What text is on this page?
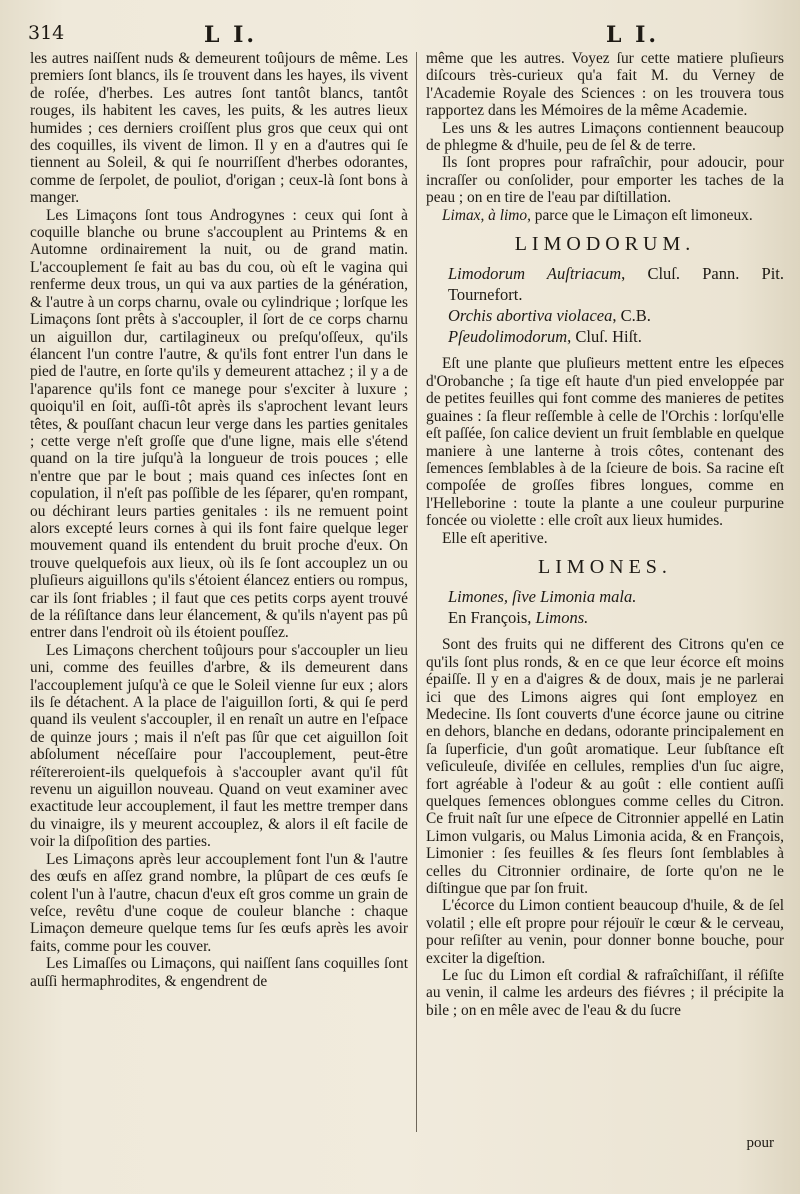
314	L I.	L I.

les autres naiſſent nuds & demeurent toûjours de même. Les premiers ſont blancs, ils ſe trouvent dans les hayes, ils vivent de roſée, d'herbes. Les autres ſont tantôt blancs, tantôt rouges, ils habitent les caves, les puits, & les autres lieux humides ; ces derniers croiſſent plus gros que ceux qui ont des coquilles, ils vivent de limon. Il y en a d'autres qui ſe tiennent au Soleil, & qui ſe nourriſſent d'herbes odorantes, comme de ſerpolet, de pouliot, d'origan ; ceux-là ſont bons à manger.

Les Limaçons ſont tous Androgynes : ceux qui ſont à coquille blanche ou brune s'accouplent au Printems & en Automne ordinairement la nuit, ou de grand matin. L'accouplement ſe fait au bas du cou, où eſt le vagina qui renferme deux trous, un qui va aux parties de la génération, & l'autre à un corps charnu, ovale ou cylindrique ; lorſque les Limaçons ſont prêts à s'accoupler, il ſort de ce corps charnu un aiguillon dur, cartilagineux ou preſqu'oſſeux, qu'ils élancent l'un contre l'autre, & qu'ils font entrer l'un dans le pied de l'autre, en ſorte qu'ils y demeurent attachez ; il y a de l'aparence qu'ils font ce manege pour s'exciter à luxure ; quoiqu'il en ſoit, auſſi-tôt après ils s'aprochent levant leurs têtes, & pouſſant chacun leur verge dans les parties genitales ; cette verge n'eſt groſſe que d'une ligne, mais elle s'étend quand on la tire juſqu'à la longueur de trois pouces ; elle n'entre que par le bout ; mais quand ces inſectes ſont en copulation, il n'eſt pas poſſible de les ſéparer, qu'en rompant, ou déchirant leurs parties genitales : ils ne remuent point alors excepté leurs cornes à qui ils font faire quelque leger mouvement quand ils entendent du bruit proche d'eux. On trouve quelquefois aux lieux, où ils ſe ſont accouplez un ou pluſieurs aiguillons qu'ils s'étoient élancez entiers ou rompus, car ils ſont friables ; il faut que ces petits corps ayent trouvé de la réſiſtance dans leur élancement, & qu'ils n'ayent pas pû entrer dans l'endroit où ils étoient pouſſez.

Les Limaçons cherchent toûjours pour s'accoupler un lieu uni, comme des feuilles d'arbre, & ils demeurent dans l'accouplement juſqu'à ce que le Soleil vienne ſur eux ; alors ils ſe détachent. A la place de l'aiguillon ſorti, & qui ſe perd quand ils veulent s'accoupler, il en renaît un autre en l'eſpace de quinze jours ; mais il n'eſt pas ſûr que cet aiguillon ſoit abſolument néceſſaire pour l'accouplement, peut-être réïtereroient-ils quelquefois à s'accoupler avant qu'il fût revenu un aiguillon nouveau. Quand on veut examiner avec exactitude leur accouplement, il faut les mettre tremper dans du vinaigre, ils y meurent accouplez, & alors il eſt facile de voir la diſpoſition des parties.

Les Limaçons après leur accouplement font l'un & l'autre des œufs en aſſez grand nombre, la plûpart de ces œufs ſe colent l'un à l'autre, chacun d'eux eſt gros comme un grain de veſce, revêtu d'une coque de couleur blanche : chaque Limaçon demeure quelque tems ſur ſes œufs après les avoir faits, comme pour les couver.

Les Limaſſes ou Limaçons, qui naiſſent ſans coquilles ſont auſſi hermaphrodites, & engendrent de

même que les autres. Voyez ſur cette matiere pluſieurs diſcours très-curieux qu'a fait M. du Verney de l'Academie Royale des Sciences : on les trouvera tous rapportez dans les Mémoires de la même Academie.

Les uns & les autres Limaçons contiennent beaucoup de phlegme & d'huile, peu de ſel & de terre.

Ils ſont propres pour rafraîchir, pour adoucir, pour incraſſer ou conſolider, pour emporter les taches de la peau ; on en tire de l'eau par diſtillation.

Limax, à limo, parce que le Limaçon eſt limoneux.

LIMODORUM.

Limodorum Auſtriacum, Cluſ. Pann. Pit. Tournefort.

Orchis abortiva violacea, C.B.

Pſeudolimodorum, Cluſ. Hiſt.

Eſt une plante que pluſieurs mettent entre les eſpeces d'Orobanche ; ſa tige eſt haute d'un pied enveloppée par de petites feuilles qui font comme des manieres de petites guaines : ſa fleur reſſemble à celle de l'Orchis : lorſqu'elle eſt paſſée, ſon calice devient un fruit ſemblable en quelque maniere à une lanterne à trois côtes, contenant des ſemences ſemblables à de la ſcieure de bois. Sa racine eſt compoſée de groſſes fibres longues, comme en l'Helleborine : toute la plante a une couleur purpurine foncée ou violette : elle croît aux lieux humides.

Elle eſt aperitive.

LIMONES.

Limones, ſive Limonia mala.

En François, Limons.

Sont des fruits qui ne different des Citrons qu'en ce qu'ils ſont plus ronds, & en ce que leur écorce eſt moins épaiſſe. Il y en a d'aigres & de doux, mais je ne parlerai ici que des Limons aigres qui ſont employez en Medecine. Ils ſont couverts d'une écorce jaune ou citrine en dehors, blanche en dedans, odorante principalement en ſa ſuperficie, d'un goût aromatique. Leur ſubſtance eſt veſiculeuſe, diviſée en cellules, remplies d'un ſuc aigre, fort agréable à l'odeur & au goût : elle contient auſſi quelques ſemences oblongues comme celles du Citron. Ce fruit naît ſur une eſpece de Citronnier appellé en Latin Limon vulgaris, ou Malus Limonia acida, & en François, Limonier : ſes feuilles & ſes fleurs ſont ſemblables à celles du Citronnier ordinaire, de ſorte qu'on ne le diſtingue que par ſon fruit.

L'écorce du Limon contient beaucoup d'huile, & de ſel volatil ; elle eſt propre pour réjouïr le cœur & le cerveau, pour reſiſter au venin, pour donner bonne bouche, pour exciter la digeſtion.

Le ſuc du Limon eſt cordial & rafraîchiſſant, il réſiſte au venin, il calme les ardeurs des fiévres ; il précipite la bile ; on en mêle avec de l'eau & du ſucre

pour
